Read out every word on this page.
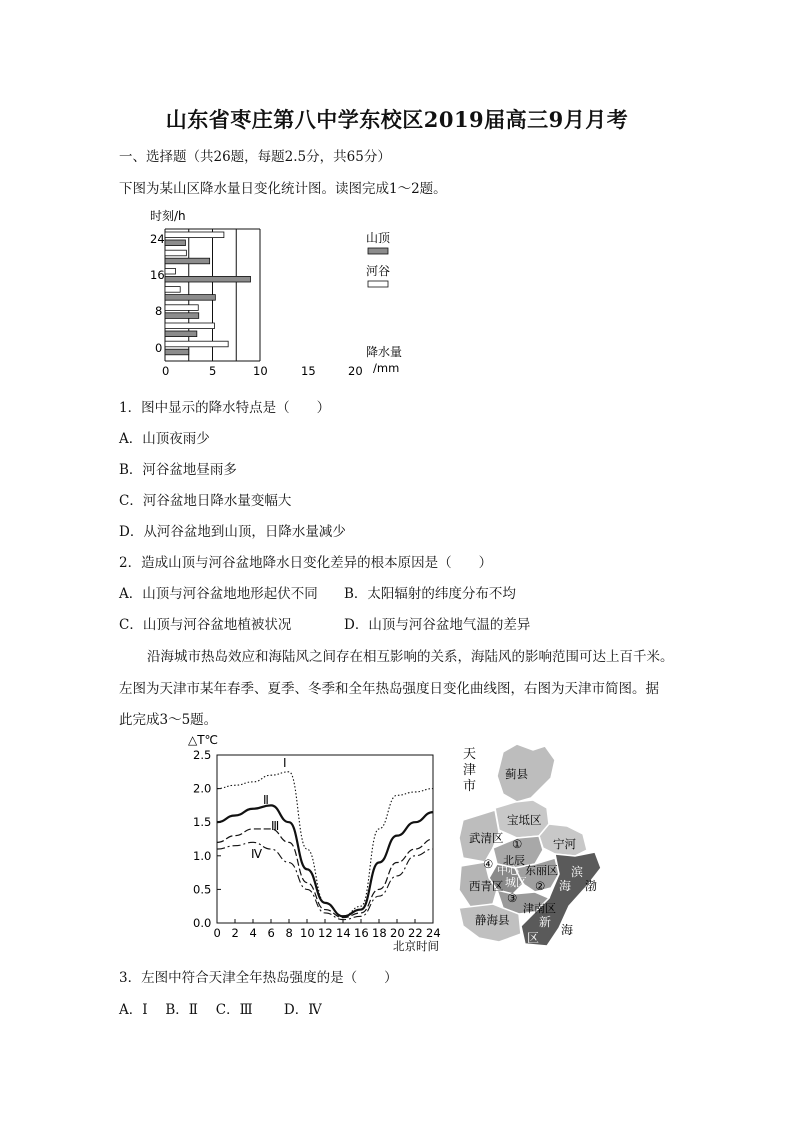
山东省枣庄第八中学东校区2019届高三9月月考
一、选择题（共26题，每题2.5分，共65分）
下图为某山区降水量日变化统计图。读图完成1～2题。
时刻/h
24
16
8
0
0	5	10	15	20
山顶
河谷
降水量
/mm
1．图中显示的降水特点是（　　）
A．山顶夜雨少
B．河谷盆地昼雨多
C．河谷盆地日降水量变幅大
D．从河谷盆地到山顶，日降水量减少
2．造成山顶与河谷盆地降水日变化差异的根本原因是（　　）
A．山顶与河谷盆地地形起伏不同 B．太阳辐射的纬度分布不均
C．山顶与河谷盆地植被状况	D．山顶与河谷盆地气温的差异
沿海城市热岛效应和海陆风之间存在相互影响的关系，海陆风的影响范围可达上百千米。
左图为天津市某年春季、夏季、冬季和全年热岛强度日变化曲线图，右图为天津市简图。据
此完成3～5题。
△T℃
2.5
2.0
1.5
1.0
0.5
0.0
0 2 4 6 8 10 12 14 16 18 20 22 24
北京时间
Ⅰ
Ⅱ
Ⅲ
Ⅳ
天
津
市
蓟县
宝坻区
武清区	宁河
①
北辰
④ 中心 东丽区 滨
西青区 城区 ② 海 渤
③
津南区
静海县 新
海
区
3．左图中符合天津全年热岛强度的是（　　）
A．Ⅰ　 B．Ⅱ　 C．Ⅲ　　 D．Ⅳ
